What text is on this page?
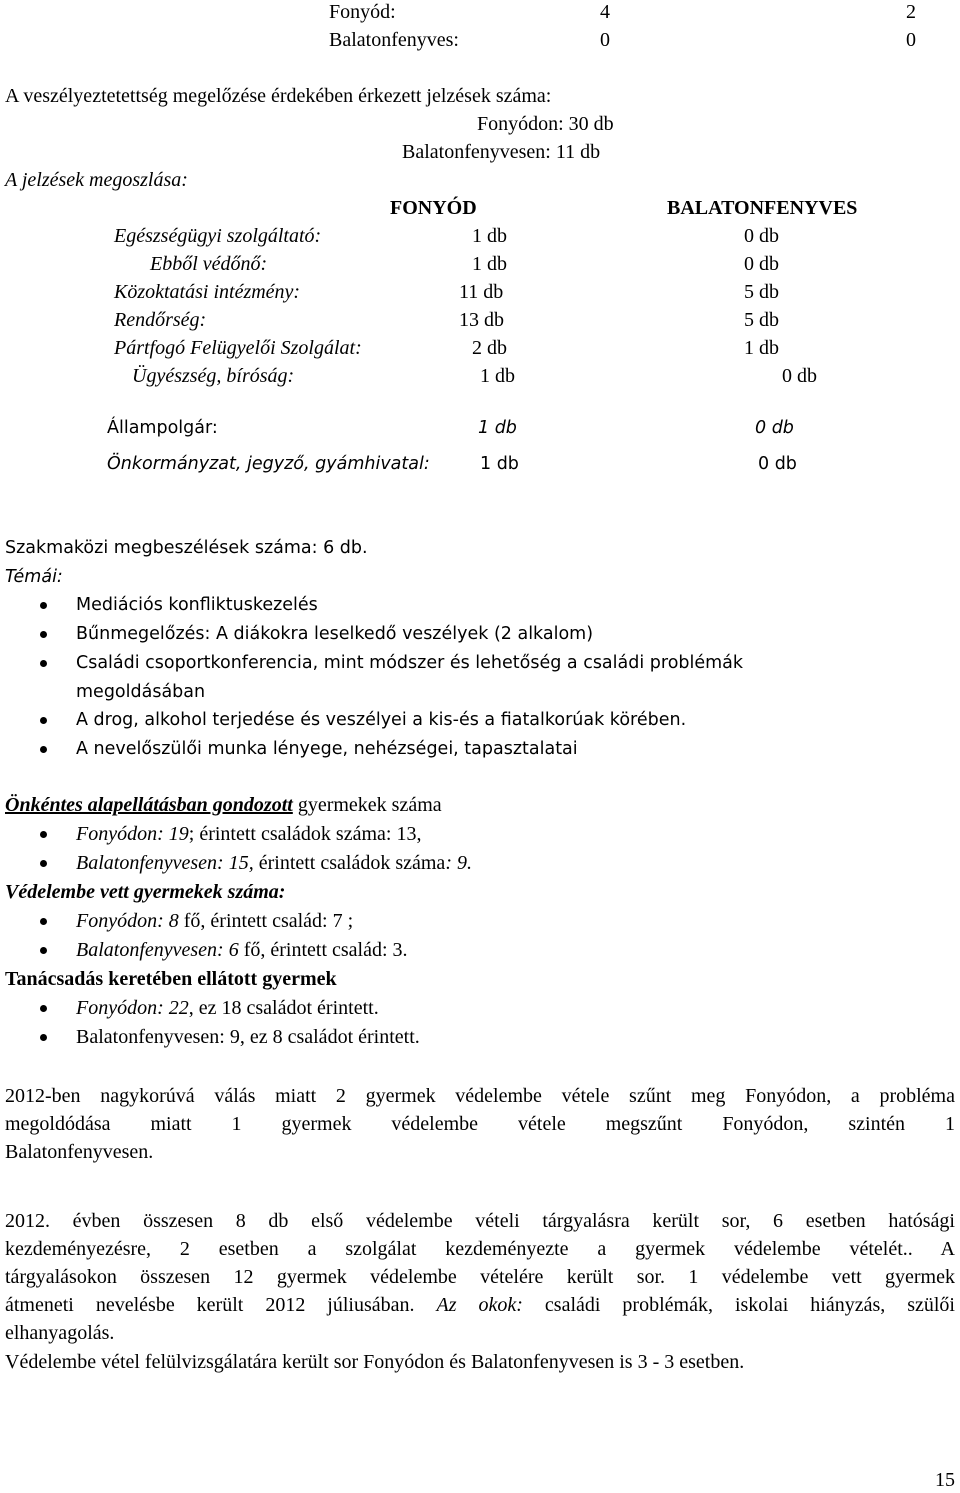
Fonyód:	4	2
Balatonfenyves:	0	0
A veszélyeztetettség megelőzése érdekében érkezett jelzések száma:
Fonyódon: 30 db
Balatonfenyvesen: 11 db
A jelzések megoszlása:
FONYÓD	BALATONFENYVES
Egészségügyi szolgáltató:	1 db	0 db
Ebből védőnő:	1 db	0 db
Közoktatási intézmény:	11 db	5 db
Rendőrség:	13 db	5 db
Pártfogó Felügyelői Szolgálat:	2 db	1 db
Ügyészség, bíróság:	1 db	0 db
Állampolgár:	1 db	0 db
Önkormányzat, jegyző, gyámhivatal:	1 db	0 db
Szakmaközi megbeszélések száma: 6 db.
Témái:
Mediációs konfliktuskezelés
Bűnmegelőzés: A diákokra leselkedő veszélyek (2 alkalom)
Családi csoportkonferencia, mint módszer és lehetőség a családi problémák
megoldásában
A drog, alkohol terjedése és veszélyei a kis-és a fiatalkorúak körében.
A nevelőszülői munka lényege, nehézségei, tapasztalatai
Önkéntes alapellátásban gondozott gyermekek száma
Fonyódon: 19; érintett családok száma: 13,
Balatonfenyvesen: 15, érintett családok száma: 9.
Védelembe vett gyermekek száma:
Fonyódon: 8 fő, érintett család: 7 ;
Balatonfenyvesen: 6 fő, érintett család: 3.
Tanácsadás keretében ellátott gyermek
Fonyódon: 22, ez 18 családot érintett.
Balatonfenyvesen: 9, ez 8 családot érintett.
2012-ben nagykorúvá válás miatt 2 gyermek védelembe vétele szűnt meg Fonyódon, a probléma
megoldódása miatt 1 gyermek védelembe vétele megszűnt Fonyódon, szintén 1
Balatonfenyvesen.
2012. évben összesen 8 db első védelembe vételi tárgyalásra került sor, 6 esetben hatósági
kezdeményezésre, 2 esetben a szolgálat kezdeményezte a gyermek védelembe vételét.. A
tárgyalásokon összesen 12 gyermek védelembe vételére került sor. 1 védelembe vett gyermek
átmeneti nevelésbe került 2012 júliusában. Az okok: családi problémák, iskolai hiányzás, szülői
elhanyagolás.
Védelembe vétel felülvizsgálatára került sor Fonyódon és Balatonfenyvesen is 3 - 3 esetben.
15
